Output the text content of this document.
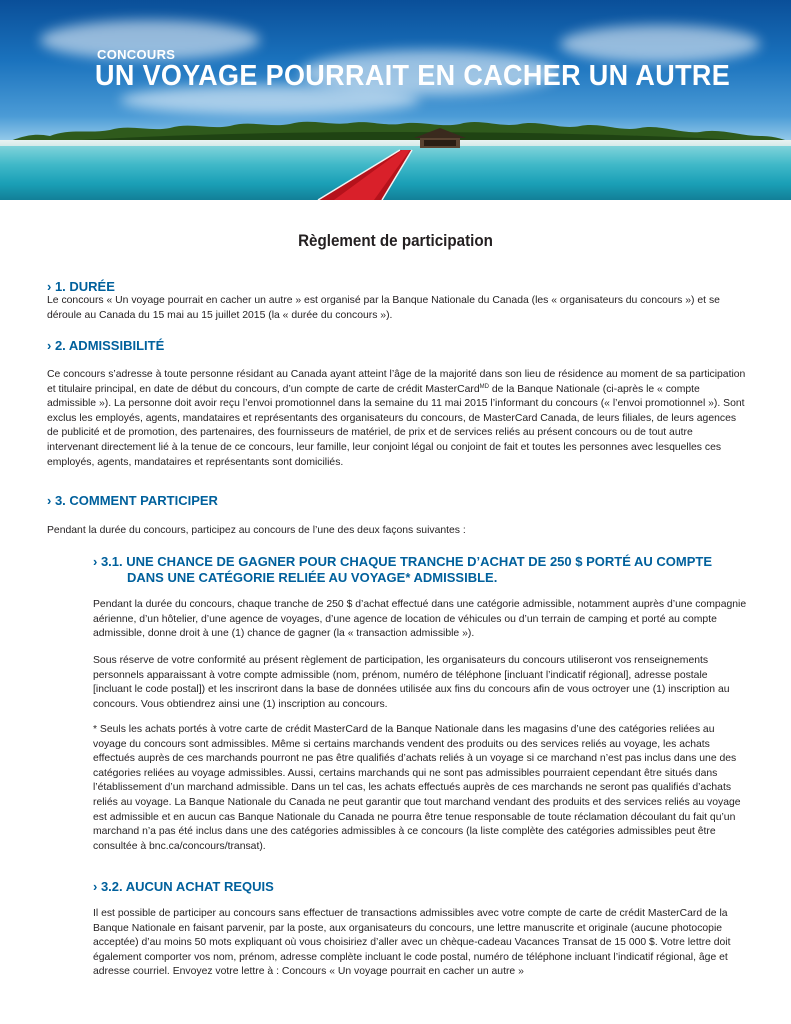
CONCOURS
UN VOYAGE POURRAIT EN CACHER UN AUTRE
Règlement de participation
› 1. DURÉE

Le concours « Un voyage pourrait en cacher un autre » est organisé par la Banque Nationale du Canada (les « organisateurs du concours ») et se déroule au Canada du 15 mai au 15 juillet 2015 (la « durée du concours »).

› 2. ADMISSIBILITÉ

Ce concours s’adresse à toute personne résidant au Canada ayant atteint l’âge de la majorité dans son lieu de résidence au moment de sa participation et titulaire principal, en date de début du concours, d’un compte de carte de crédit MasterCard$^{MD}$ de la Banque Nationale (ci-après le « compte admissible »). La personne doit avoir reçu l’envoi promotionnel dans la semaine du 11 mai 2015 l’informant du concours (« l’envoi promotionnel »). Sont exclus les employés, agents, mandataires et représentants des organisateurs du concours, de MasterCard Canada, de leurs filiales, de leurs agences de publicité et de promotion, des partenaires, des fournisseurs de matériel, de prix et de services reliés au présent concours ou de tout autre intervenant directement lié à la tenue de ce concours, leur famille, leur conjoint légal ou conjoint de fait et toutes les personnes avec lesquelles ces employés, agents, mandataires et représentants sont domiciliés.

› 3. COMMENT PARTICIPER

Pendant la durée du concours, participez au concours de l’une des deux façons suivantes :

› 3.1. UNE CHANCE DE GAGNER POUR CHAQUE TRANCHE D’ACHAT DE 250 $ PORTÉ AU COMPTE
DANS UNE CATÉGORIE RELIÉE AU VOYAGE* ADMISSIBLE.

Pendant la durée du concours, chaque tranche de 250 $ d’achat effectué dans une catégorie admissible, notamment auprès d’une compagnie aérienne, d’un hôtelier, d’une agence de voyages, d’une agence de location de véhicules ou d’un terrain de camping et porté au compte admissible, donne droit à une (1) chance de gagner (la « transaction admissible »).

Sous réserve de votre conformité au présent règlement de participation, les organisateurs du concours utiliseront vos renseignements personnels apparaissant à votre compte admissible (nom, prénom, numéro de téléphone [incluant l’indicatif régional], adresse postale [incluant le code postal]) et les inscriront dans la base de données utilisée aux fins du concours afin de vous octroyer une (1) inscription au concours. Vous obtiendrez ainsi une (1) inscription au concours.

* Seuls les achats portés à votre carte de crédit MasterCard de la Banque Nationale dans les magasins d’une des catégories reliées au voyage du concours sont admissibles. Même si certains marchands vendent des produits ou des services reliés au voyage, les achats effectués auprès de ces marchands pourront ne pas être qualifiés d’achats reliés à un voyage si ce marchand n’est pas inclus dans une des catégories reliées au voyage admissibles. Aussi, certains marchands qui ne sont pas admissibles pourraient cependant être situés dans l’établissement d’un marchand admissible. Dans un tel cas, les achats effectués auprès de ces marchands ne seront pas qualifiés d’achats reliés au voyage. La Banque Nationale du Canada ne peut garantir que tout marchand vendant des produits et des services reliés au voyage est admissible et en aucun cas Banque Nationale du Canada ne pourra être tenue responsable de toute réclamation découlant du fait qu’un marchand n’a pas été inclus dans une des catégories admissibles à ce concours (la liste complète des catégories admissibles peut être consultée à bnc.ca/concours/transat).

› 3.2. AUCUN ACHAT REQUIS

Il est possible de participer au concours sans effectuer de transactions admissibles avec votre compte de carte de crédit MasterCard de la Banque Nationale en faisant parvenir, par la poste, aux organisateurs du concours, une lettre manuscrite et originale (aucune photocopie acceptée) d’au moins 50 mots expliquant où vous choisiriez d’aller avec un chèque-cadeau Vacances Transat de 15 000 $. Votre lettre doit également comporter vos nom, prénom, adresse complète incluant le code postal, numéro de téléphone incluant l’indicatif régional, âge et adresse courriel. Envoyez votre lettre à : Concours « Un voyage pourrait en cacher un autre »
